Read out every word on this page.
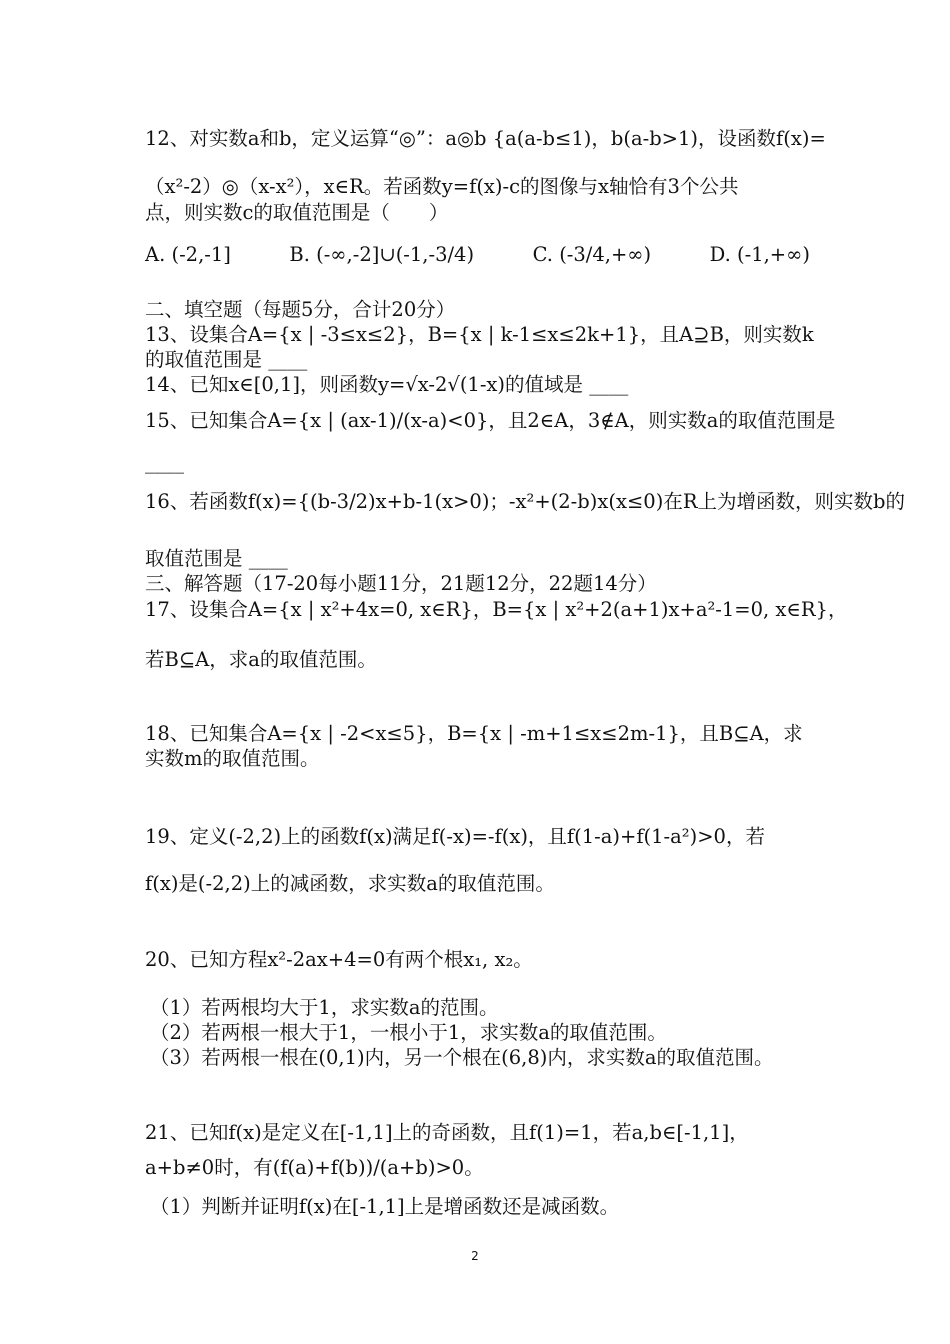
12、对实数a和b，定义运算“◎”：a◎b {a(a-b≤1)，b(a-b>1)，设函数f(x)=
（x²-2）◎（x-x²），x∈R。若函数y=f(x)-c的图像与x轴恰有3个公共
点，则实数c的取值范围是（　　）
A. (-2,-1]　　　B. (-∞,-2]∪(-1,-3/4)　　　C. (-3/4,+∞)　　　D. (-1,+∞)
二、填空题（每题5分，合计20分）
13、设集合A={x | -3≤x≤2}，B={x | k-1≤x≤2k+1}，且A⊇B，则实数k
的取值范围是 ____
14、已知x∈[0,1]，则函数y=√x-2√(1-x)的值域是 ____
15、已知集合A={x | (ax-1)/(x-a)<0}，且2∈A，3∉A，则实数a的取值范围是
____
16、若函数f(x)={(b-3/2)x+b-1(x>0)；-x²+(2-b)x(x≤0)在R上为增函数，则实数b的
取值范围是 ____
三、解答题（17-20每小题11分，21题12分，22题14分）
17、设集合A={x | x²+4x=0, x∈R}，B={x | x²+2(a+1)x+a²-1=0, x∈R}，
若B⊆A，求a的取值范围。
18、已知集合A={x | -2<x≤5}，B={x | -m+1≤x≤2m-1}，且B⊆A，求
实数m的取值范围。
19、定义(-2,2)上的函数f(x)满足f(-x)=-f(x)，且f(1-a)+f(1-a²)>0，若
f(x)是(-2,2)上的减函数，求实数a的取值范围。
20、已知方程x²-2ax+4=0有两个根x₁, x₂。
（1）若两根均大于1，求实数a的范围。
（2）若两根一根大于1，一根小于1，求实数a的取值范围。
（3）若两根一根在(0,1)内，另一个根在(6,8)内，求实数a的取值范围。
21、已知f(x)是定义在[-1,1]上的奇函数，且f(1)=1，若a,b∈[-1,1]，
a+b≠0时，有(f(a)+f(b))/(a+b)>0。
（1）判断并证明f(x)在[-1,1]上是增函数还是减函数。
2
